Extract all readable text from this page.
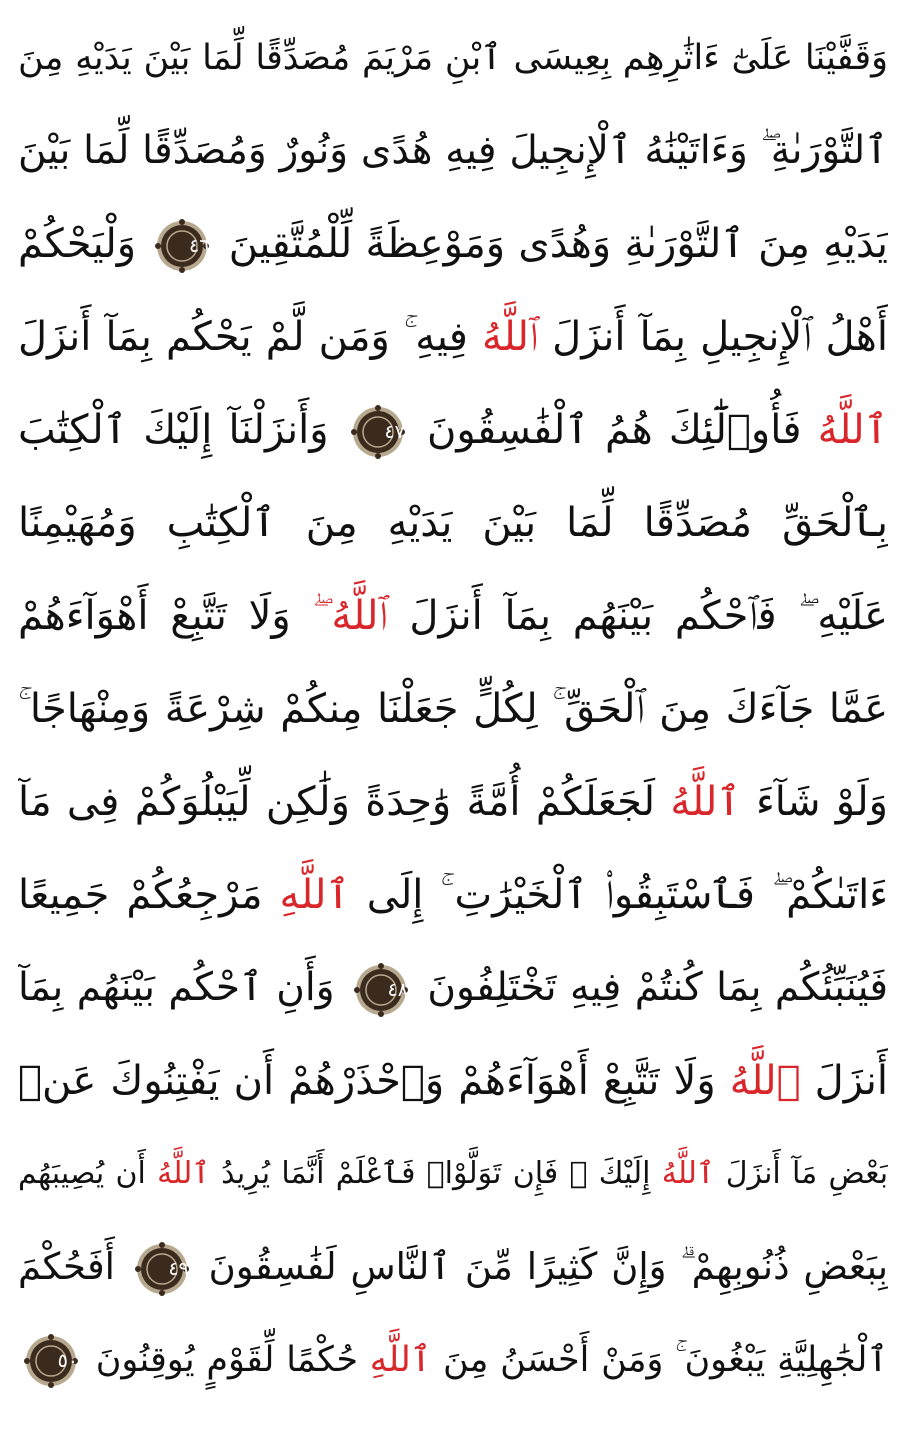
وَقَفَّيْنَا عَلَىٰٓ ءَاثَٰرِهِم بِعِيسَى ٱبْنِ مَرْيَمَ مُصَدِّقًا لِّمَا بَيْنَ يَدَيْهِ مِنَ
ٱلتَّوْرَىٰةِ ۖ وَءَاتَيْنَٰهُ ٱلْإِنجِيلَ فِيهِ هُدًى وَنُورٌ وَمُصَدِّقًا لِّمَا بَيْنَ
يَدَيْهِ مِنَ ٱلتَّوْرَىٰةِ وَهُدًى وَمَوْعِظَةً لِّلْمُتَّقِينَ
٤٦
وَلْيَحْكُمْ
أَهْلُ ٱلْإِنجِيلِ بِمَآ أَنزَلَ ٱللَّهُ فِيهِ ۚ وَمَن لَّمْ يَحْكُم بِمَآ أَنزَلَ
ٱللَّهُ فَأُو۟لَٰٓئِكَ هُمُ ٱلْفَٰسِقُونَ
٤٧
وَأَنزَلْنَآ إِلَيْكَ ٱلْكِتَٰبَ
بِٱلْحَقِّ مُصَدِّقًا لِّمَا بَيْنَ يَدَيْهِ مِنَ ٱلْكِتَٰبِ وَمُهَيْمِنًا
عَلَيْهِ ۖ فَٱحْكُم بَيْنَهُم بِمَآ أَنزَلَ ٱللَّهُ ۖ وَلَا تَتَّبِعْ أَهْوَآءَهُمْ
عَمَّا جَآءَكَ مِنَ ٱلْحَقِّ ۚ لِكُلٍّ جَعَلْنَا مِنكُمْ شِرْعَةً وَمِنْهَاجًا ۚ
وَلَوْ شَآءَ ٱللَّهُ لَجَعَلَكُمْ أُمَّةً وَٰحِدَةً وَلَٰكِن لِّيَبْلُوَكُمْ فِى مَآ
ءَاتَىٰكُمْ ۖ فَٱسْتَبِقُوا۟ ٱلْخَيْرَٰتِ ۚ إِلَى ٱللَّهِ مَرْجِعُكُمْ جَمِيعًا
فَيُنَبِّئُكُم بِمَا كُنتُمْ فِيهِ تَخْتَلِفُونَ
٤٨
وَأَنِ ٱحْكُم بَيْنَهُم بِمَآ
أَنزَلَ ٱللَّهُ وَلَا تَتَّبِعْ أَهْوَآءَهُمْ وَٱحْذَرْهُمْ أَن يَفْتِنُوكَ عَنۢ
بَعْضِ مَآ أَنزَلَ ٱللَّهُ إِلَيْكَ ۖ فَإِن تَوَلَّوْا۟ فَٱعْلَمْ أَنَّمَا يُرِيدُ ٱللَّهُ أَن يُصِيبَهُم
بِبَعْضِ ذُنُوبِهِمْ ۗ وَإِنَّ كَثِيرًا مِّنَ ٱلنَّاسِ لَفَٰسِقُونَ
٤٩
أَفَحُكْمَ
ٱلْجَٰهِلِيَّةِ يَبْغُونَ ۚ وَمَنْ أَحْسَنُ مِنَ ٱللَّهِ حُكْمًا لِّقَوْمٍ يُوقِنُونَ
٥٠
